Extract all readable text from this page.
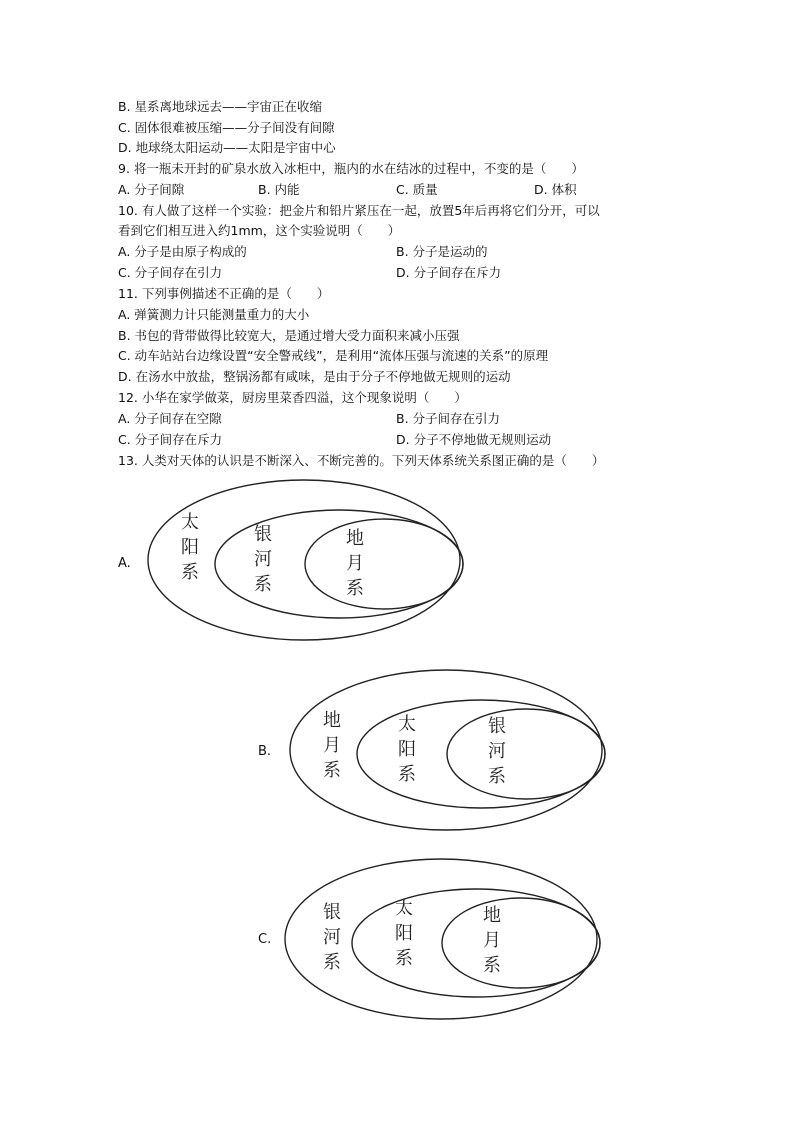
B. 星系离地球远去——宇宙正在收缩
C. 固体很难被压缩——分子间没有间隙
D. 地球绕太阳运动——太阳是宇宙中心
9. 将一瓶未开封的矿泉水放入冰柜中，瓶内的水在结冰的过程中，不变的是（　　）
A. 分子间隙	B. 内能	C. 质量	D. 体积
10. 有人做了这样一个实验：把金片和铅片紧压在一起，放置5年后再将它们分开，可以
看到它们相互进入约1mm，这个实验说明（　　）
A. 分子是由原子构成的	B. 分子是运动的
C. 分子间存在引力	D. 分子间存在斥力
11. 下列事例描述不正确的是（　　）
A. 弹簧测力计只能测量重力的大小
B. 书包的背带做得比较宽大，是通过增大受力面积来减小压强
C. 动车站站台边缘设置“安全警戒线”，是利用“流体压强与流速的关系”的原理
D. 在汤水中放盐，整锅汤都有咸味，是由于分子不停地做无规则的运动
12. 小华在家学做菜，厨房里菜香四溢，这个现象说明（　　）
A. 分子间存在空隙	B. 分子间存在引力
C. 分子间存在斥力	D. 分子不停地做无规则运动
13. 人类对天体的认识是不断深入、不断完善的。下列天体系统关系图正确的是（　　）
A.
太
阳
系
银
河
系
地
月
系
B.
地
月
系
太
阳
系
银
河
系
C.
银
河
系
太
阳
系
地
月
系
